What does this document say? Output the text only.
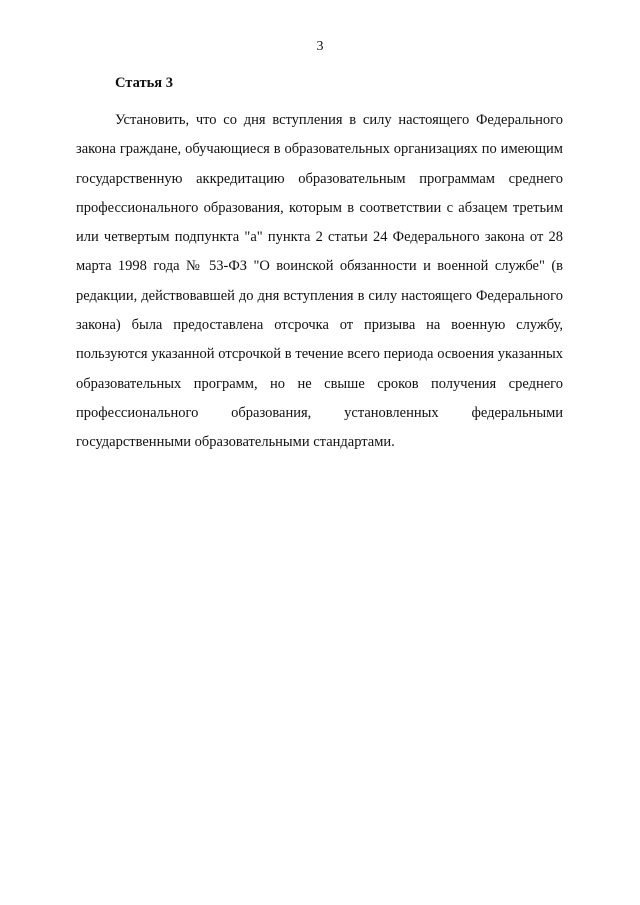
3
Статья 3

Установить, что со дня вступления в силу настоящего Федерального закона граждане, обучающиеся в образовательных организациях по имеющим государственную аккредитацию образовательным программам среднего профессионального образования, которым в соответствии с абзацем третьим или четвертым подпункта "а" пункта 2 статьи 24 Федерального закона от 28 марта 1998 года № 53-ФЗ "О воинской обязанности и военной службе" (в редакции, действовавшей до дня вступления в силу настоящего Федерального закона) была предоставлена отсрочка от призыва на военную службу, пользуются указанной отсрочкой в течение всего периода освоения указанных образовательных программ, но не свыше сроков получения среднего профессионального образования, установленных федеральными государственными образовательными стандартами.
